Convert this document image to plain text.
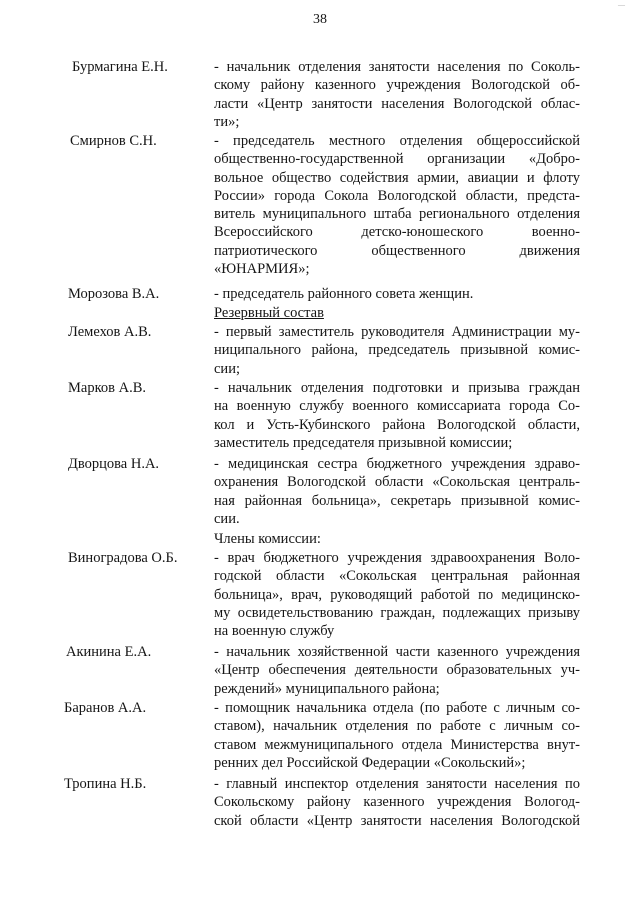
38
—
Бурмагина Е.Н.	- начальник отделения занятости населения по Соколь-
скому району казенного учреждения Вологодской об-
ласти «Центр занятости населения Вологодской облас-
ти»;
Смирнов С.Н.	- председатель местного отделения общероссийской
общественно-государственной организации «Добро-
вольное общество содействия армии, авиации и флоту
России» города Сокола Вологодской области, предста-
витель муниципального штаба регионального отделения
Всероссийского детско-юношеского военно-
патриотического общественного движения
«ЮНАРМИЯ»;
Морозова В.А.	- председатель районного совета женщин.
Резервный состав
Лемехов А.В.	- первый заместитель руководителя Администрации му-
ниципального района, председатель призывной комис-
сии;
Марков А.В.	- начальник отделения подготовки и призыва граждан
на военную службу военного комиссариата города Со-
кол и Усть-Кубинского района Вологодской области,
заместитель председателя призывной комиссии;
Дворцова Н.А.	- медицинская сестра бюджетного учреждения здраво-
охранения Вологодской области «Сокольская централь-
ная районная больница», секретарь призывной комис-
сии.
Члены комиссии:
Виноградова О.Б.	- врач бюджетного учреждения здравоохранения Воло-
годской области «Сокольская центральная районная
больница», врач, руководящий работой по медицинско-
му освидетельствованию граждан, подлежащих призыву
на военную службу
Акинина Е.А.	- начальник хозяйственной части казенного учреждения
«Центр обеспечения деятельности образовательных уч-
реждений» муниципального района;
Баранов А.А.	- помощник начальника отдела (по работе с личным со-
ставом), начальник отделения по работе с личным со-
ставом межмуниципального отдела Министерства внут-
ренних дел Российской Федерации «Сокольский»;
Тропина Н.Б.	- главный инспектор отделения занятости населения по
Сокольскому району казенного учреждения Вологод-
ской области «Центр занятости населения Вологодской
